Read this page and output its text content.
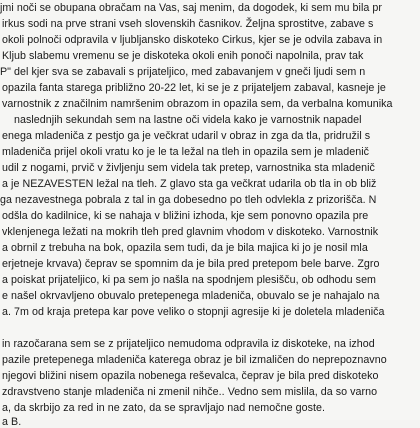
jmi noči se obupana obračam na Vas, saj menim, da dogodek, ki sem mu bila pr
irkus sodi na prve strani vseh slovenskih časnikov. Željna sprostitve, zabave s
okoli polnoči odpravila v ljubljansko diskoteko Cirkus, kjer se je odvila zabava in
Kljub slabemu vremenu se je diskoteka okoli enih ponoči napolnila, prav tak
P" del kjer sva se zabavali s prijateljico, med zabavanjem v gneči ljudi sem n
opazila fanta starega približno 20-22 let, ki se je z prijateljem zabaval, kasneje je
varnostnik z značilnim namršenim obrazom in opazila sem, da verbalna komunika
naslednjih sekundah sem na lastne oči videla kako je varnostnik napadel
enega mladeniča z pestjo ga je večkrat udaril v obraz in zga da tla, pridružil s
mladeniča prijel okoli vratu ko je le ta ležal na tleh in opazila sem je mladenič
udil z nogami, prvič v življenju sem videla tak pretep, varnostnika sta mladenič
a je NEZAVESTEN ležal na tleh. Z glavo sta ga večkrat udarila ob tla in ob bliž
ga nezavestnega pobrala z tal in ga dobesedno po tleh odvlekla z prizorišča. N
odšla do kadilnice, ki se nahaja v bližini izhoda, kje sem ponovno opazila pre
vklenjenega ležati na mokrih tleh pred glavnim vhodom v diskoteko. Varnostnik
a obrnil z trebuha na bok, opazila sem tudi, da je bila majica ki jo je nosil mla
erjetneje krvava) čeprav se spomnim da je bila pred pretepom bele barve. Zgro
a poiskat prijateljico, ki pa sem jo našla na spodnjem plesišču, ob odhodu sem
e našel okrvavljeno obuvalo pretepenega mladeniča, obuvalo se je nahajalo na
a. 7m od kraja pretepa kar pove veliko o stopnji agresije ki je doletela mladeniča
in razočarana sem se z prijateljico nemudoma odpravila iz diskoteke, na izhod
pazile pretepenega mladeniča katerega obraz je bil izmaličen do neprepoznavno
njegovi bližini nisem opazila nobenega reševalca, čeprav je bila pred diskoteko
zdravstveno stanje mladeniča ni zmenil nihče.. Vedno sem mislila, da so varno
a, da skrbijo za red in ne zato, da se spravljajo nad nemočne goste.
a B.
